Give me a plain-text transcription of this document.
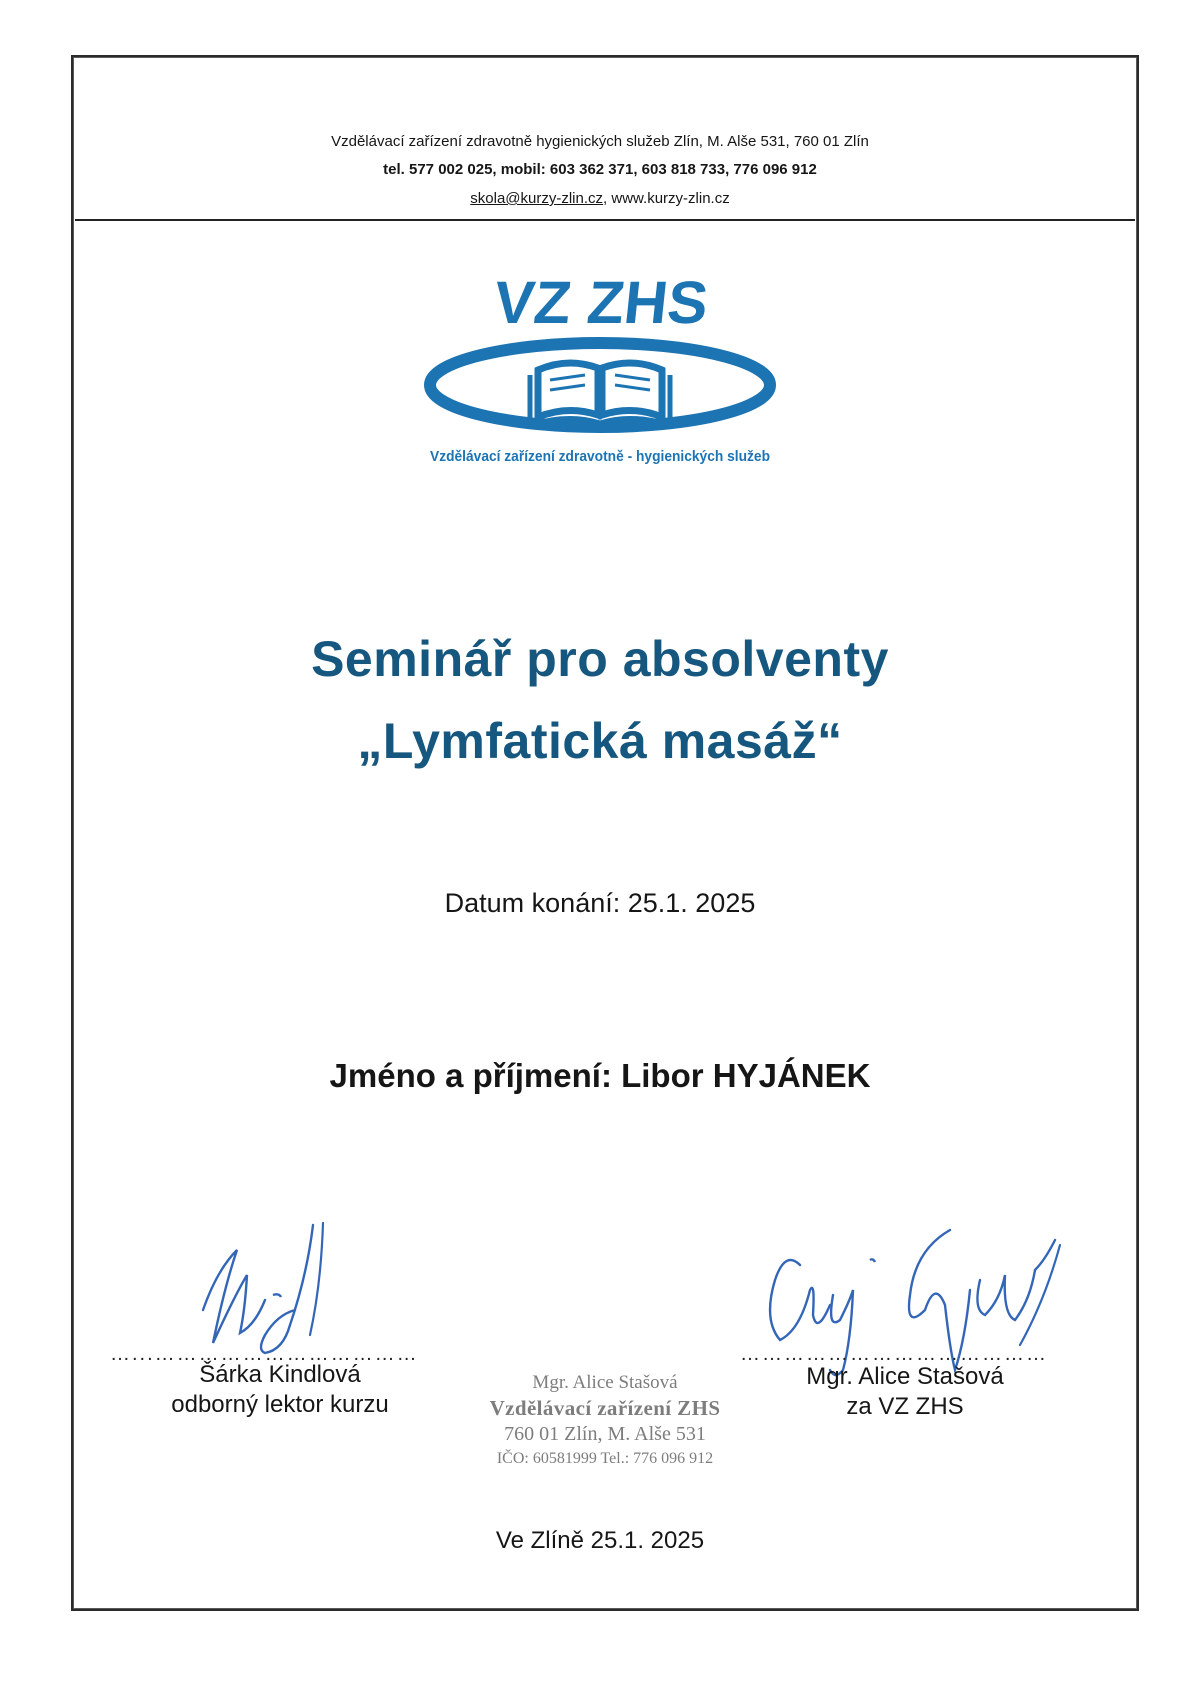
Vzdělávací zařízení zdravotně hygienických služeb Zlín, M. Alše 531, 760 01 Zlín
tel. 577 002 025, mobil: 603 362 371, 603 818 733, 776 096 912
skola@kurzy-zlin.cz, www.kurzy-zlin.cz
VZ ZHS
Vzdělávací zařízení zdravotně - hygienických služeb
Seminář pro absolventy
„Lymfatická masáž“
Datum konání: 25.1. 2025
Jméno a příjmení: Libor HYJÁNEK
…...………………………………	……………………………………
Šárka Kindlová
odborný lektor kurzu
Mgr. Alice Stašová
za VZ ZHS
Mgr. Alice Stašová
Vzdělávací zařízení ZHS
760 01 Zlín, M. Alše 531
IČO: 60581999 Tel.: 776 096 912
Ve Zlíně 25.1. 2025
